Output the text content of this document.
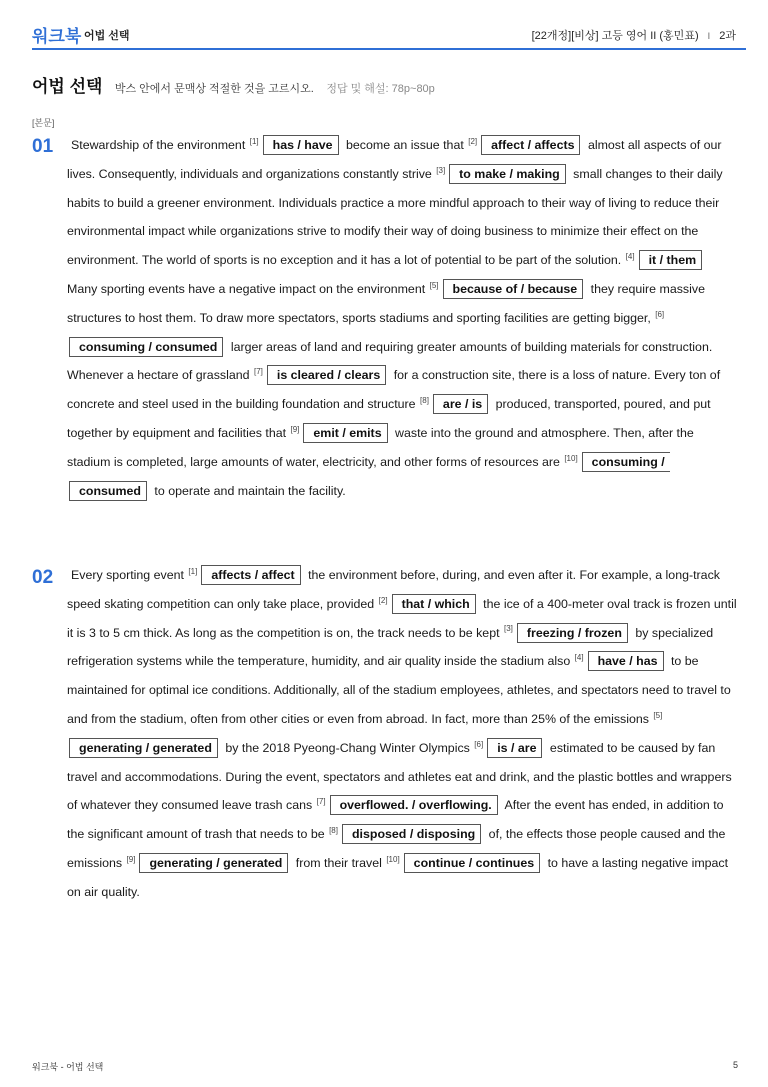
워크북 어법 선택	[22개정][비상] 고등 영어 II (홍민표) I 2과
어법 선택 박스 안에서 문맥상 적절한 것을 고르시오. 정답 및 해설: 78p~80p
[본문]
01	Stewardship of the environment [1] has / have become an issue that [2] affect / affects almost all aspects of our lives. Consequently, individuals and organizations constantly strive [3] to make / making small changes to their daily habits to build a greener environment. Individuals practice a more mindful approach to their way of living to reduce their environmental impact while organizations strive to modify their way of doing business to minimize their effect on the environment. The world of sports is no exception and it has a lot of potential to be part of the solution. [4] it / them Many sporting events have a negative impact on the environment [5] because of / because they require massive structures to host them. To draw more spectators, sports stadiums and sporting facilities are getting bigger, [6]consuming / consumed larger areas of land and requiring greater amounts of building materials for construction. Whenever a hectare of grassland [7] is cleared / clears for a construction site, there is a loss of nature. Every ton of concrete and steel used in the building foundation and structure [8] are / is produced, transported, poured, and put together by equipment and facilities that [9] emit / emits waste into the ground and atmosphere. Then, after the stadium is completed, large amounts of water, electricity, and other forms of resources are [10] consuming / consumed to operate and maintain the facility.
02	Every sporting event [1] affects / affect the environment before, during, and even after it. For example, a long-track speed skating competition can only take place, provided [2] that / which the ice of a 400-meter oval track is frozen until it is 3 to 5 cm thick. As long as the competition is on, the track needs to be kept [3] freezing / frozen by specialized refrigeration systems while the temperature, humidity, and air quality inside the stadium also [4] have / has to be maintained for optimal ice conditions. Additionally, all of the stadium employees, athletes, and spectators need to travel to and from the stadium, often from other cities or even from abroad. In fact, more than 25% of the emissions [5]generating / generated by the 2018 Pyeong-Chang Winter Olympics [6] is / are estimated to be caused by fan travel and accommodations. During the event, spectators and athletes eat and drink, and the plastic bottles and wrappers of whatever they consumed leave trash cans [7] overflowed. / overflowing. After the event has ended, in addition to the significant amount of trash that needs to be [8] disposed / disposing of, the effects those people caused and the emissions [9] generating / generated from their travel [10] continue / continues to have a lasting negative impact on air quality.
워크북 - 어법 선택	5
